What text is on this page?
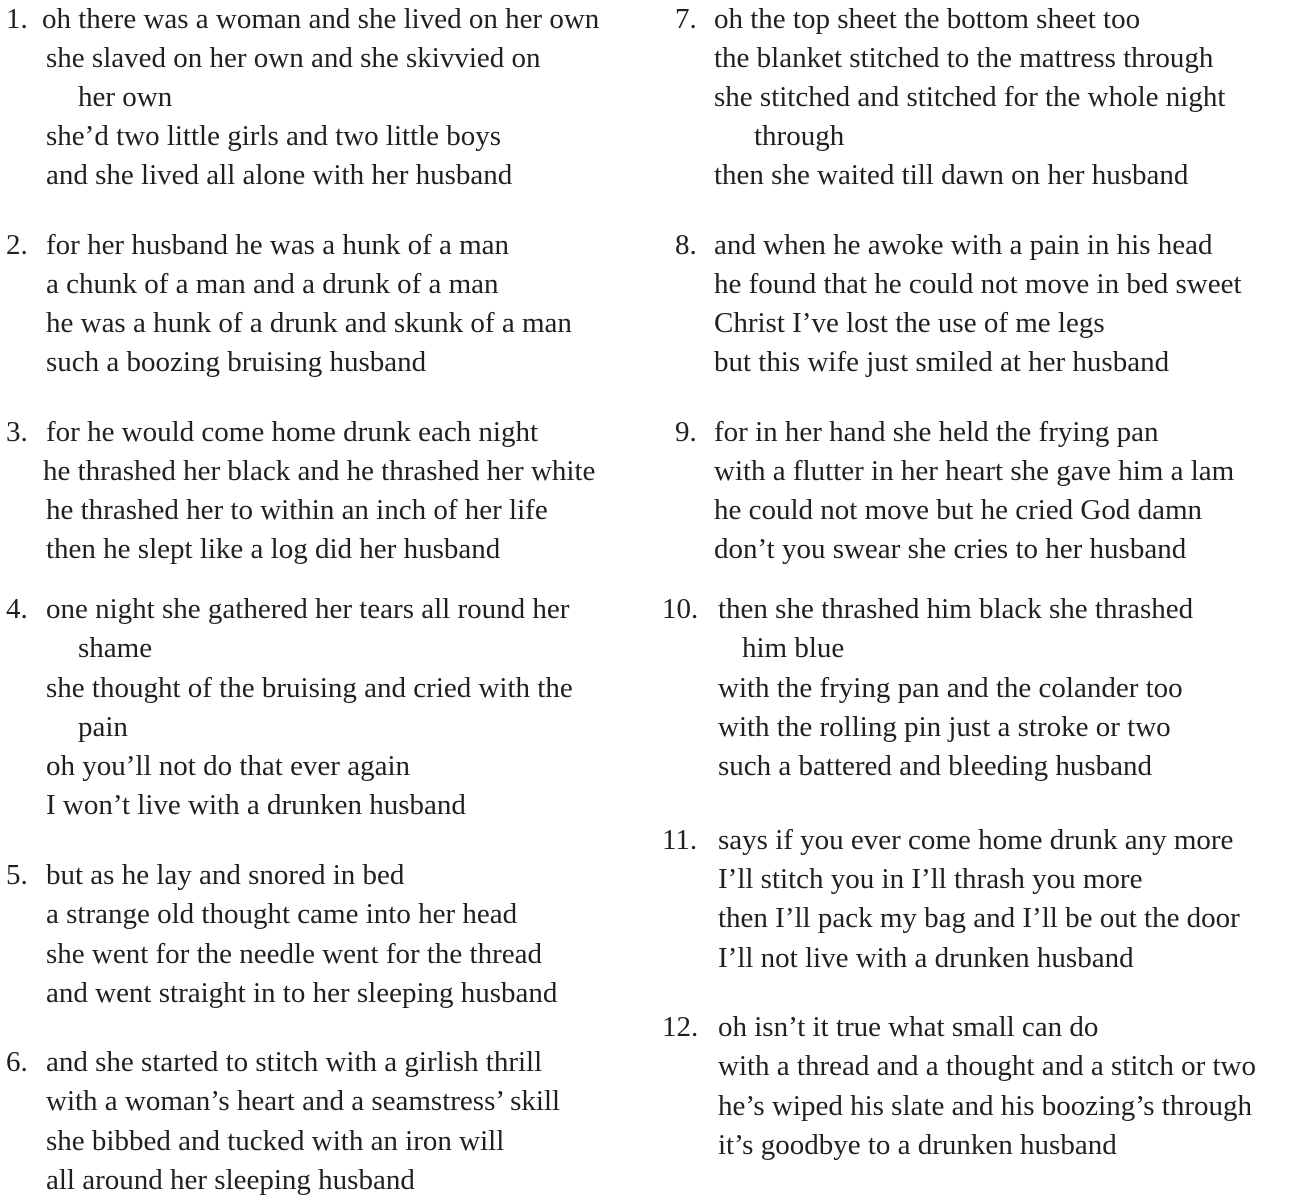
1. oh there was a woman and she lived on her own
she slaved on her own and she skivvied on
her own
she’d two little girls and two little boys
and she lived all alone with her husband
2. for her husband he was a hunk of a man
a chunk of a man and a drunk of a man
he was a hunk of a drunk and skunk of a man
such a boozing bruising husband
3. for he would come home drunk each night
he thrashed her black and he thrashed her white
he thrashed her to within an inch of her life
then he slept like a log did her husband
4. one night she gathered her tears all round her
shame
she thought of the bruising and cried with the
pain
oh you’ll not do that ever again
I won’t live with a drunken husband
5. but as he lay and snored in bed
a strange old thought came into her head
she went for the needle went for the thread
and went straight in to her sleeping husband
6. and she started to stitch with a girlish thrill
with a woman’s heart and a seamstress’ skill
she bibbed and tucked with an iron will
all around her sleeping husband
7. oh the top sheet the bottom sheet too
the blanket stitched to the mattress through
she stitched and stitched for the whole night
through
then she waited till dawn on her husband
8. and when he awoke with a pain in his head
he found that he could not move in bed sweet
Christ I’ve lost the use of me legs
but this wife just smiled at her husband
9. for in her hand she held the frying pan
with a flutter in her heart she gave him a lam
he could not move but he cried God damn
don’t you swear she cries to her husband
10. then she thrashed him black she thrashed
him blue
with the frying pan and the colander too
with the rolling pin just a stroke or two
such a battered and bleeding husband
11. says if you ever come home drunk any more
I’ll stitch you in I’ll thrash you more
then I’ll pack my bag and I’ll be out the door
I’ll not live with a drunken husband
12. oh isn’t it true what small can do
with a thread and a thought and a stitch or two
he’s wiped his slate and his boozing’s through
it’s goodbye to a drunken husband
